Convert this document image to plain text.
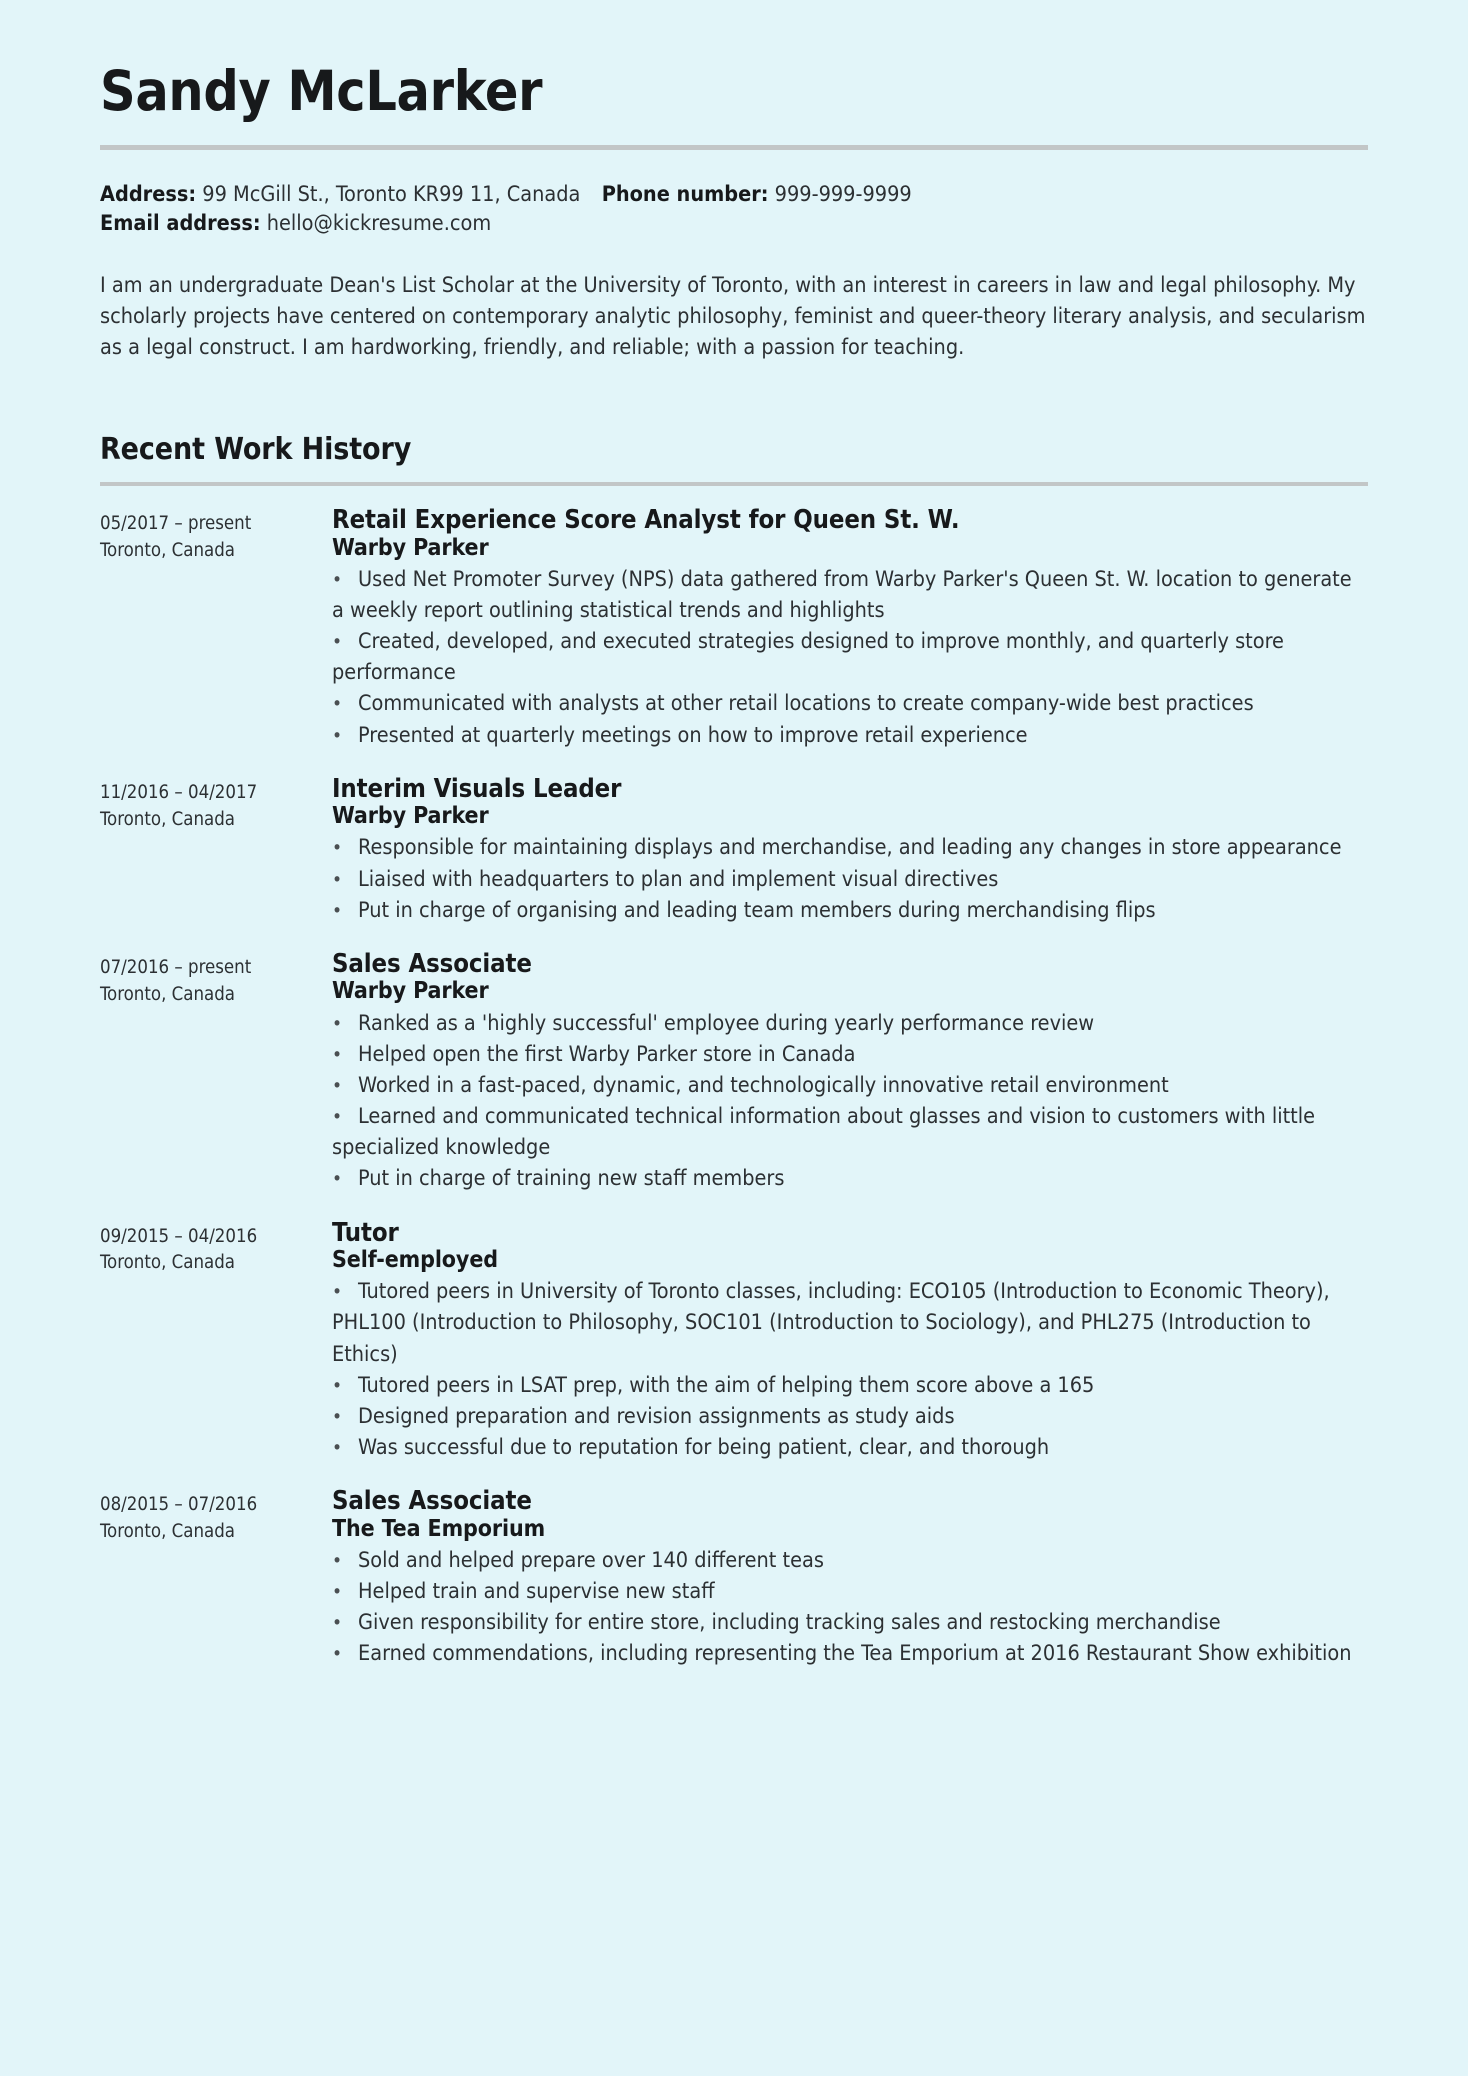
Sandy McLarker
Address: 99 McGill St., Toronto KR99 11, Canada Phone number: 999-999-9999
Email address: hello@kickresume.com

I am an undergraduate Dean's List Scholar at the University of Toronto, with an interest in careers in law and legal philosophy. My scholarly projects have centered on contemporary analytic philosophy, feminist and queer-theory literary analysis, and secularism as a legal construct. I am hardworking, friendly, and reliable; with a passion for teaching.

Recent Work History
05/2017 – present
Toronto, Canada
Retail Experience Score Analyst for Queen St. W.
Warby Parker
• Used Net Promoter Survey (NPS) data gathered from Warby Parker's Queen St. W. location to generate a weekly report outlining statistical trends and highlights
• Created, developed, and executed strategies designed to improve monthly, and quarterly store performance
• Communicated with analysts at other retail locations to create company-wide best practices
• Presented at quarterly meetings on how to improve retail experience
11/2016 – 04/2017
Toronto, Canada
Interim Visuals Leader
Warby Parker
• Responsible for maintaining displays and merchandise, and leading any changes in store appearance
• Liaised with headquarters to plan and implement visual directives
• Put in charge of organising and leading team members during merchandising flips
07/2016 – present
Toronto, Canada
Sales Associate
Warby Parker
• Ranked as a 'highly successful' employee during yearly performance review
• Helped open the first Warby Parker store in Canada
• Worked in a fast-paced, dynamic, and technologically innovative retail environment
• Learned and communicated technical information about glasses and vision to customers with little specialized knowledge
• Put in charge of training new staff members
09/2015 – 04/2016
Toronto, Canada
Tutor
Self-employed
• Tutored peers in University of Toronto classes, including: ECO105 (Introduction to Economic Theory), PHL100 (Introduction to Philosophy, SOC101 (Introduction to Sociology), and PHL275 (Introduction to Ethics)
• Tutored peers in LSAT prep, with the aim of helping them score above a 165
• Designed preparation and revision assignments as study aids
• Was successful due to reputation for being patient, clear, and thorough
08/2015 – 07/2016
Toronto, Canada
Sales Associate
The Tea Emporium
• Sold and helped prepare over 140 different teas
• Helped train and supervise new staff
• Given responsibility for entire store, including tracking sales and restocking merchandise
• Earned commendations, including representing the Tea Emporium at 2016 Restaurant Show exhibition
